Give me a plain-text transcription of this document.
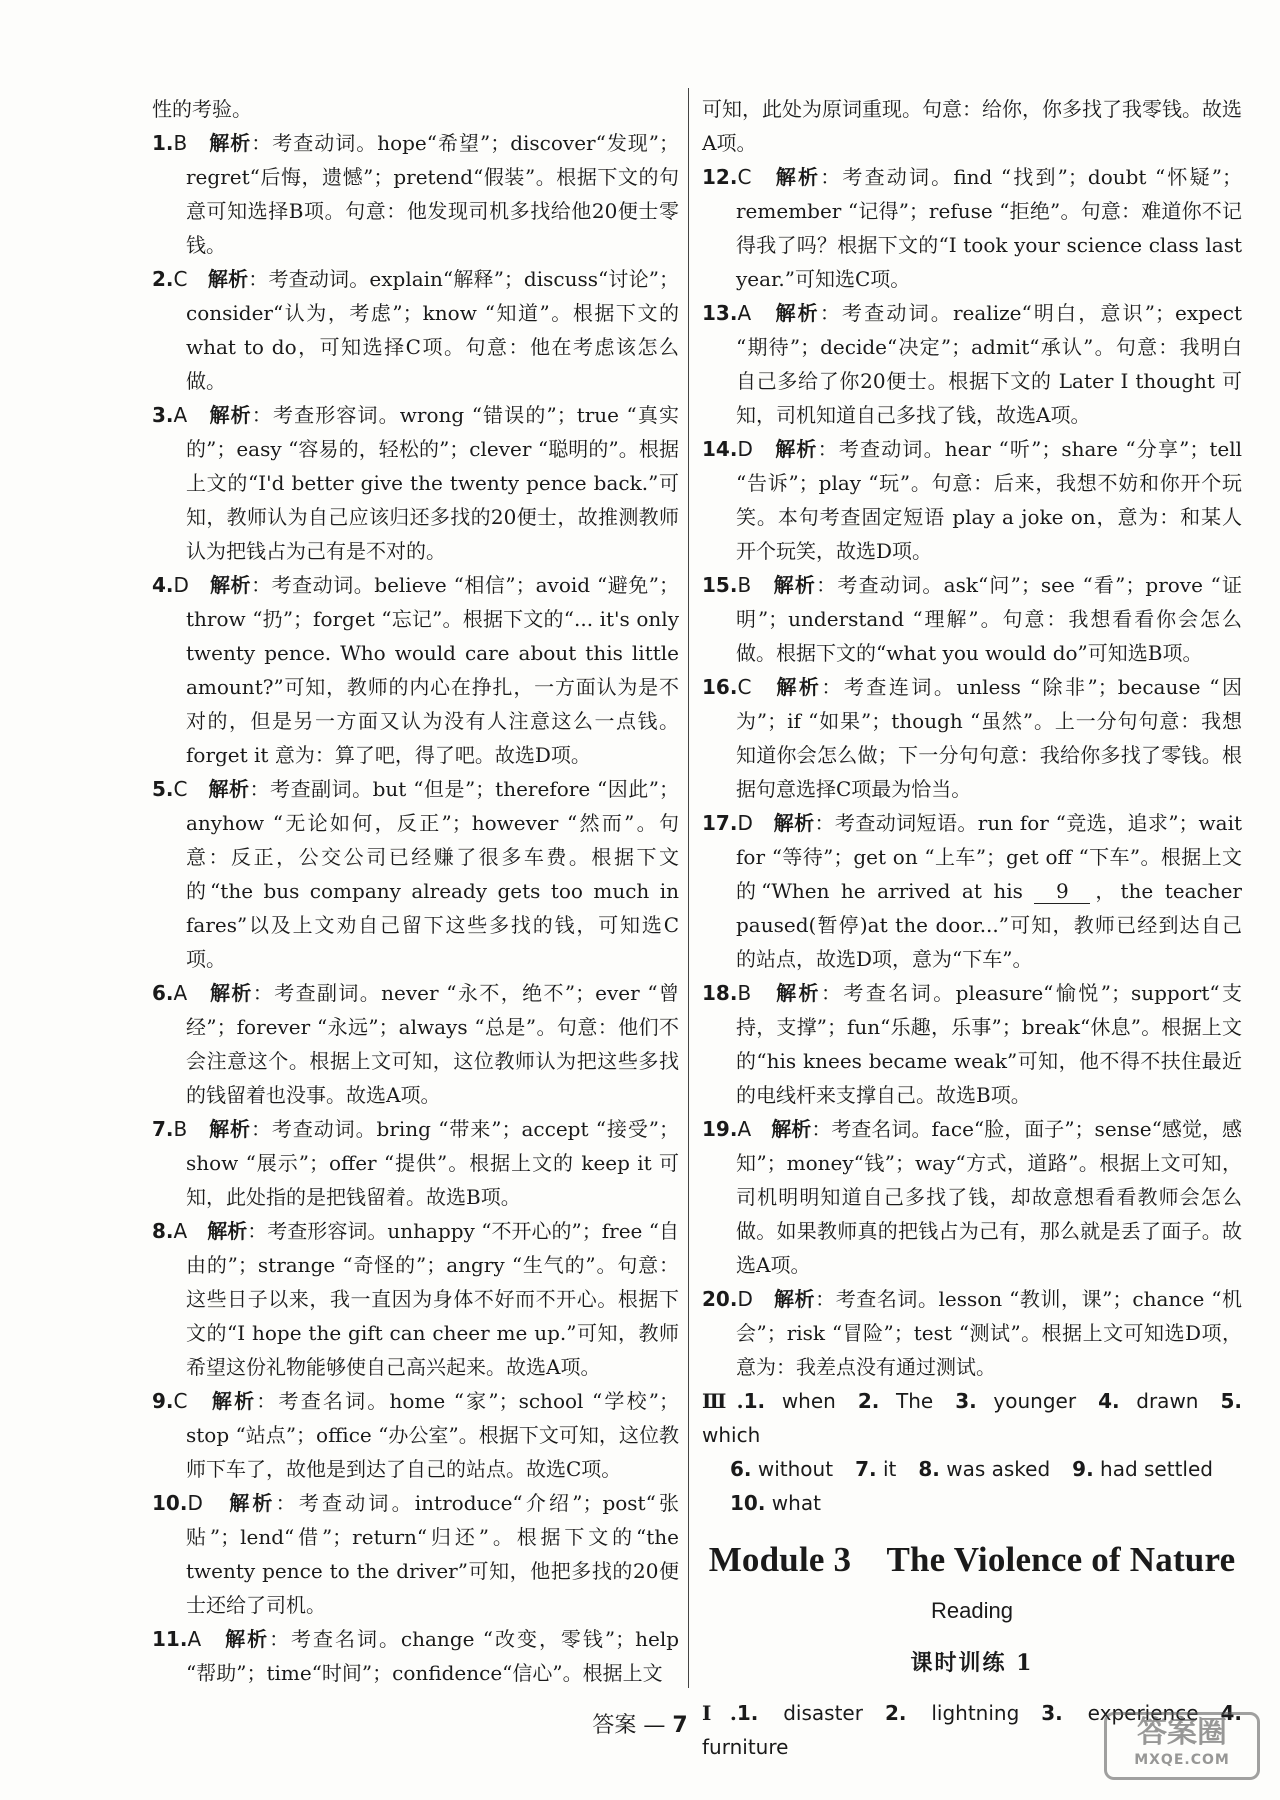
性的考验。

1.B　 解析：考查动词。hope“希望”；discover“发现”；regret“后悔，遗憾”；pretend“假装”。根据下文的句意可知选择B项。句意：他发现司机多找给他20便士零钱。

2.C　 解析：考查动词。explain“解释”；discuss“讨论”；consider“认为，考虑”；know “知道”。根据下文的what to do，可知选择C项。句意：他在考虑该怎么做。

3.A　 解析：考查形容词。wrong “错误的”；true “真实的”；easy “容易的，轻松的”；clever “聪明的”。根据上文的“I'd better give the twenty pence back.”可知，教师认为自己应该归还多找的20便士，故推测教师认为把钱占为己有是不对的。

4.D　 解析：考查动词。believe “相信”；avoid “避免”；throw “扔”；forget “忘记”。根据下文的“... it's only twenty pence. Who would care about this little amount?”可知，教师的内心在挣扎，一方面认为是不对的，但是另一方面又认为没有人注意这么一点钱。forget it 意为：算了吧，得了吧。故选D项。

5.C　 解析：考查副词。but “但是”；therefore “因此”；anyhow “无论如何，反正”；however “然而”。句意：反正，公交公司已经赚了很多车费。根据下文的“the bus company already gets too much in fares”以及上文劝自己留下这些多找的钱，可知选C项。

6.A　 解析：考查副词。never “永不，绝不”；ever “曾经”；forever “永远”；always “总是”。句意：他们不会注意这个。根据上文可知，这位教师认为把这些多找的钱留着也没事。故选A项。

7.B　 解析：考查动词。bring “带来”；accept “接受”；show “展示”；offer “提供”。根据上文的 keep it 可知，此处指的是把钱留着。故选B项。

8.A　 解析：考查形容词。unhappy “不开心的”；free “自由的”；strange “奇怪的”；angry “生气的”。句意：这些日子以来，我一直因为身体不好而不开心。根据下文的“I hope the gift can cheer me up.”可知，教师希望这份礼物能够使自己高兴起来。故选A项。

9.C　 解析：考查名词。home “家”；school “学校”；stop “站点”；office “办公室”。根据下文可知，这位教师下车了，故他是到达了自己的站点。故选C项。

10.D　 解析：考查动词。introduce“介绍”；post“张贴”；lend“借”；return“归还”。根据下文的“the twenty pence to the driver”可知，他把多找的20便士还给了司机。

11.A　 解析：考查名词。change “改变，零钱”；help “帮助”；time“时间”；confidence“信心”。根据上文

可知，此处为原词重现。句意：给你，你多找了我零钱。故选A项。

12.C　 解析：考查动词。find “找到”；doubt “怀疑”；remember “记得”；refuse “拒绝”。句意：难道你不记得我了吗？根据下文的“I took your science class last year.”可知选C项。

13.A　 解析：考查动词。realize“明白，意识”；expect “期待”；decide“决定”；admit“承认”。句意：我明白自己多给了你20便士。根据下文的 Later I thought 可知，司机知道自己多找了钱，故选A项。

14.D　 解析：考查动词。hear “听”；share “分享”；tell “告诉”；play “玩”。句意：后来，我想不妨和你开个玩笑。本句考查固定短语 play a joke on，意为：和某人开个玩笑，故选D项。

15.B　 解析：考查动词。ask“问”；see “看”；prove “证明”；understand “理解”。句意：我想看看你会怎么做。根据下文的“what you would do”可知选B项。

16.C　 解析：考查连词。unless “除非”；because “因为”；if “如果”；though “虽然”。上一分句句意：我想知道你会怎么做；下一分句句意：我给你多找了零钱。根据句意选择C项最为恰当。

17.D　 解析：考查动词短语。run for “竞选，追求”；wait for “等待”；get on “上车”；get off “下车”。根据上文的“When he arrived at his 9 ，the teacher paused(暂停)at the door...”可知，教师已经到达自己的站点，故选D项，意为“下车”。

18.B　 解析：考查名词。pleasure“愉悦”；support“支持，支撑”；fun“乐趣，乐事”；break“休息”。根据上文的“his knees became weak”可知，他不得不扶住最近的电线杆来支撑自己。故选B项。

19.A　 解析：考查名词。face“脸，面子”；sense“感觉，感知”；money“钱”；way“方式，道路”。根据上文可知，司机明明知道自己多找了钱，却故意想看看教师会怎么做。如果教师真的把钱占为己有，那么就是丢了面子。故选A项。

20.D　 解析：考查名词。lesson “教训，课”；chance “机会”；risk “冒险”；test “测试”。根据上文可知选D项，意为：我差点没有通过测试。

Ⅲ.1. when 2. The 3. younger 4. drawn 5. which

6. without 7. it 8. was asked 9. had settled

10. what

Module 3　The Violence of Nature
Reading
课时训练 1

Ⅰ.1. disaster 2. lightning 3. experience 4. furniture

答案 — 7	答案圈
MXQE.COM
